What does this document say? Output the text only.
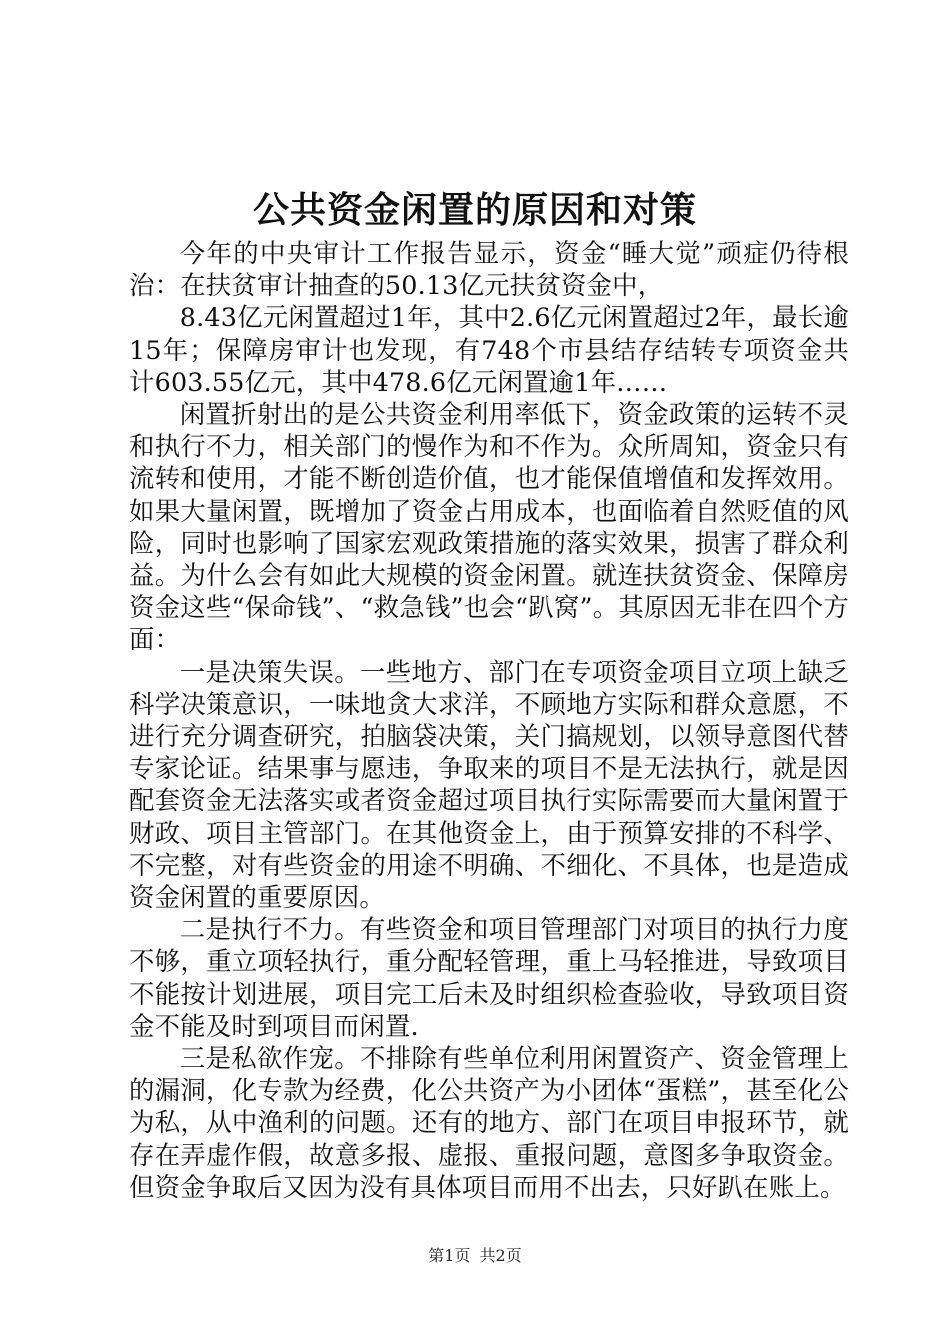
公共资金闲置的原因和对策

今年的中央审计工作报告显示，资金“睡大觉”顽症仍待根治：在扶贫审计抽查的50.13亿元扶贫资金中，

8.43亿元闲置超过1年，其中2.6亿元闲置超过2年，最长逾15年；保障房审计也发现，有748个市县结存结转专项资金共计603.55亿元，其中478.6亿元闲置逾1年……

闲置折射出的是公共资金利用率低下，资金政策的运转不灵和执行不力，相关部门的慢作为和不作为。众所周知，资金只有流转和使用，才能不断创造价值，也才能保值增值和发挥效用。如果大量闲置，既增加了资金占用成本，也面临着自然贬值的风险，同时也影响了国家宏观政策措施的落实效果，损害了群众利益。为什么会有如此大规模的资金闲置。就连扶贫资金、保障房资金这些“保命钱”、“救急钱”也会“趴窝”。其原因无非在四个方面：

一是决策失误。一些地方、部门在专项资金项目立项上缺乏科学决策意识，一味地贪大求洋，不顾地方实际和群众意愿，不进行充分调查研究，拍脑袋决策，关门搞规划，以领导意图代替专家论证。结果事与愿违，争取来的项目不是无法执行，就是因配套资金无法落实或者资金超过项目执行实际需要而大量闲置于财政、项目主管部门。在其他资金上，由于预算安排的不科学、不完整，对有些资金的用途不明确、不细化、不具体，也是造成资金闲置的重要原因。

二是执行不力。有些资金和项目管理部门对项目的执行力度不够，重立项轻执行，重分配轻管理，重上马轻推进，导致项目不能按计划进展，项目完工后未及时组织检查验收，导致项目资金不能及时到项目而闲置.

三是私欲作宠。不排除有些单位利用闲置资产、资金管理上的漏洞，化专款为经费，化公共资产为小团体“蛋糕”，甚至化公为私，从中渔利的问题。还有的地方、部门在项目申报环节，就存在弄虚作假，故意多报、虚报、重报问题，意图多争取资金。但资金争取后又因为没有具体项目而用不出去，只好趴在账上。

第1页 共2页
